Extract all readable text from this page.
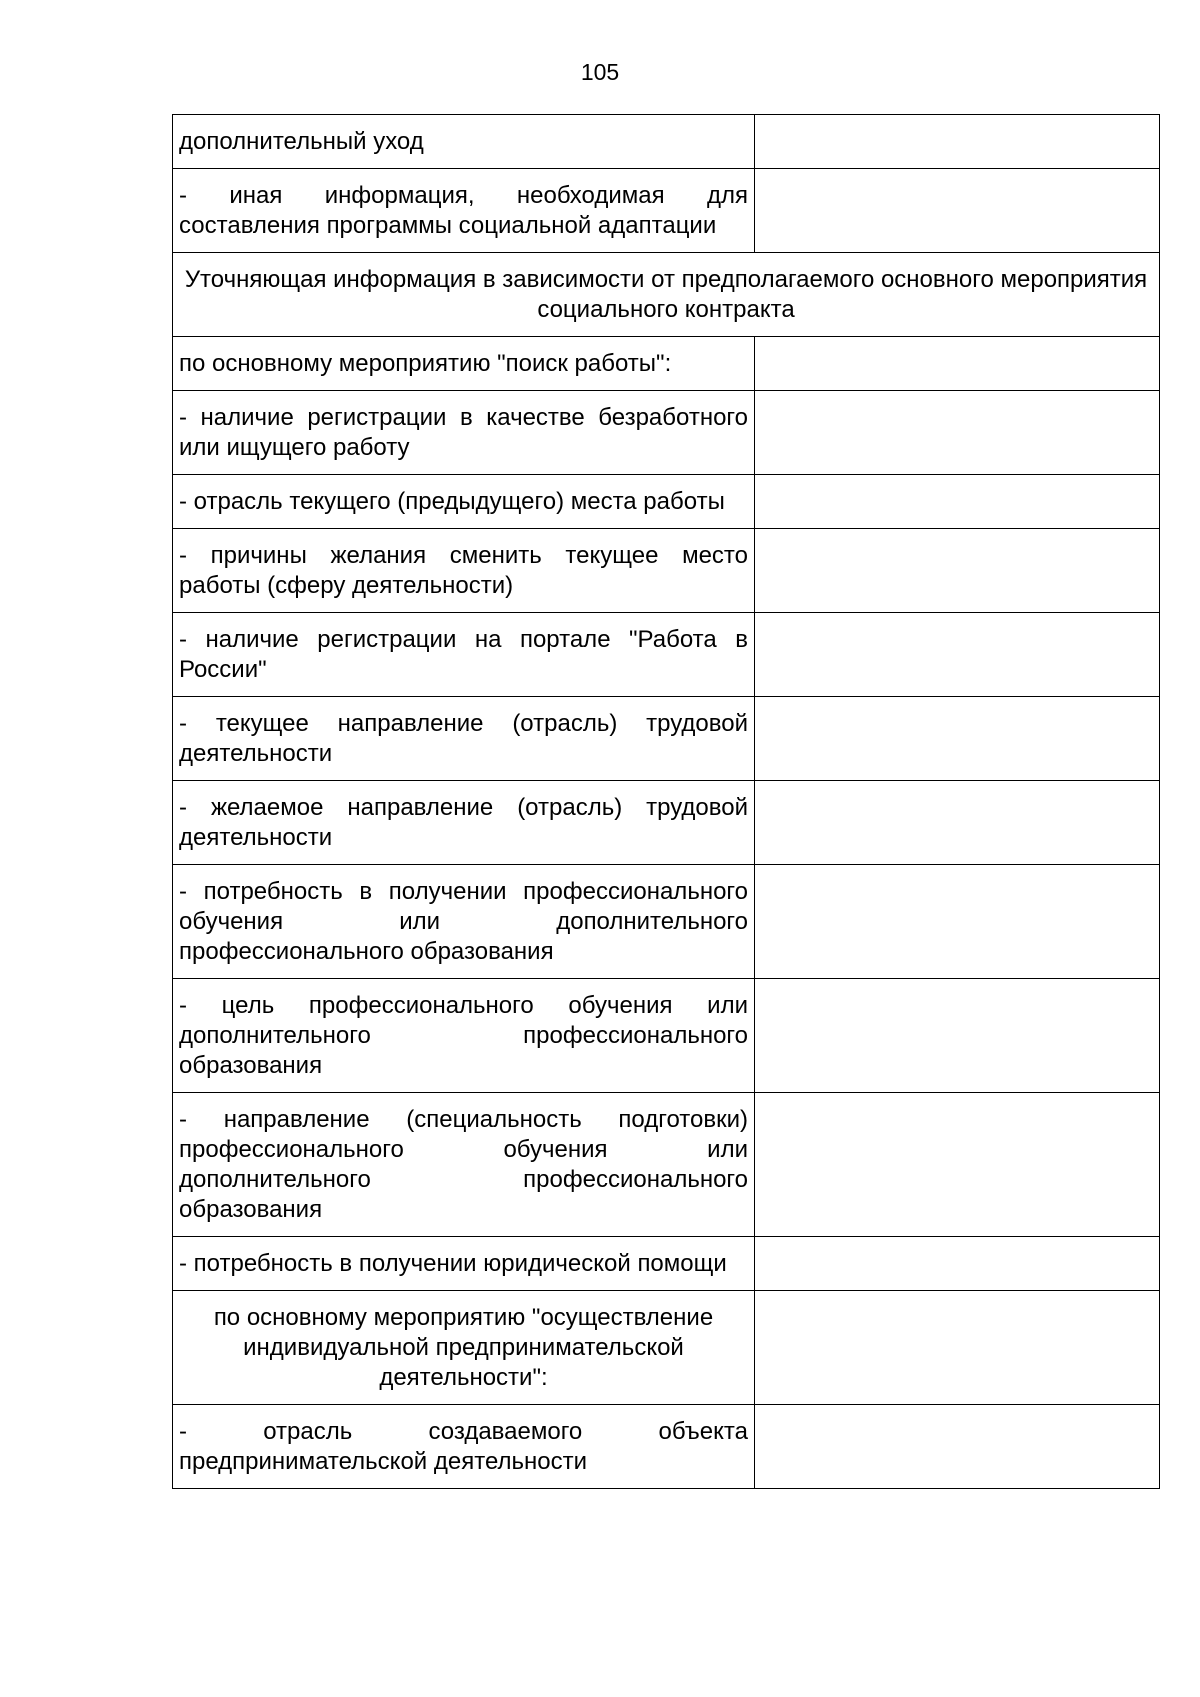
105
дополнительный уход	
- иная информация, необходимая для составления программы социальной адаптации	

Уточняющая информация в зависимости от предполагаемого основного мероприятия
социального контракта	

по основному мероприятию "поиск работы":	
- наличие регистрации в качестве безработного или ищущего работу	
- отрасль текущего (предыдущего) места работы	
- причины желания сменить текущее место работы (сферу деятельности)	
- наличие регистрации на портале "Работа в России"	
- текущее направление (отрасль) трудовой деятельности	
- желаемое направление (отрасль) трудовой деятельности	
- потребность в получении профессионального обучения или дополнительного профессионального образования	
- цель профессионального обучения или дополнительного профессионального образования	
- направление (специальность подготовки) профессионального обучения или дополнительного профессионального образования	
- потребность в получении юридической помощи	
по основному мероприятию "осуществление индивидуальной предпринимательской деятельности":	
- отрасль создаваемого объекта предпринимательской деятельности	
